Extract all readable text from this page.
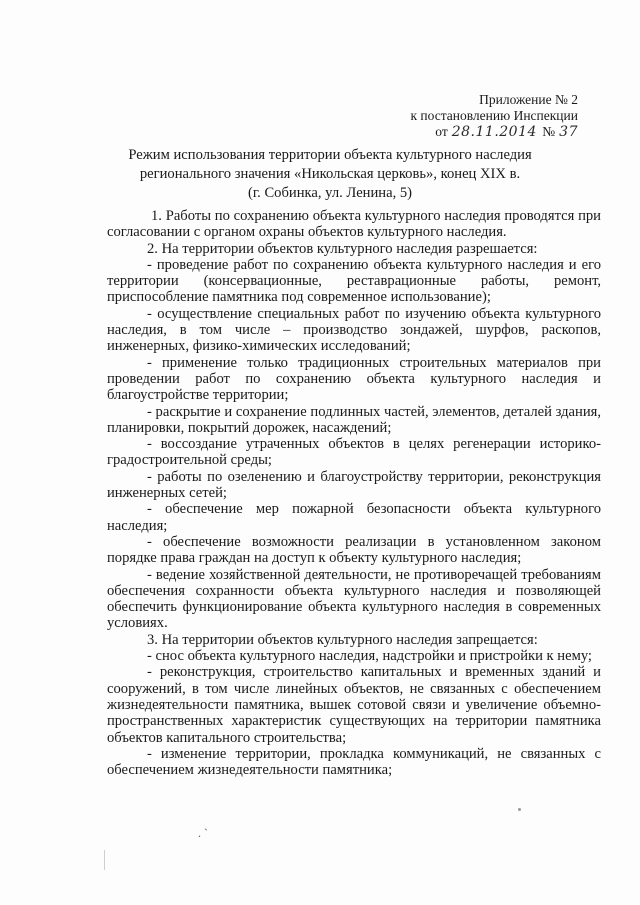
Приложение № 2
к постановлению Инспекции
от 28.11.2014 № 37
Режим использования территории объекта культурного наследия
регионального значения «Никольская церковь», конец XIX в.
(г. Собинка, ул. Ленина, 5)

1. Работы по сохранению объекта культурного наследия проводятся при согласовании с органом охраны объектов культурного наследия.

2. На территории объектов культурного наследия разрешается:

- проведение работ по сохранению объекта культурного наследия и его территории (консервационные, реставрационные работы, ремонт, приспособление памятника под современное использование);

- осуществление специальных работ по изучению объекта культурного наследия, в том числе – производство зондажей, шурфов, раскопов, инженерных, физико-химических исследований;

- применение только традиционных строительных материалов при проведении работ по сохранению объекта культурного наследия и благоустройстве территории;

- раскрытие и сохранение подлинных частей, элементов, деталей здания, планировки, покрытий дорожек, насаждений;

- воссоздание утраченных объектов в целях регенерации историко-градостроительной среды;

- работы по озеленению и благоустройству территории, реконструкция инженерных сетей;

- обеспечение мер пожарной безопасности объекта культурного наследия;

- обеспечение возможности реализации в установленном законом порядке права граждан на доступ к объекту культурного наследия;

- ведение хозяйственной деятельности, не противоречащей требованиям обеспечения сохранности объекта культурного наследия и позволяющей обеспечить функционирование объекта культурного наследия в современных условиях.

3. На территории объектов культурного наследия запрещается:

- снос объекта культурного наследия, надстройки и пристройки к нему;

- реконструкция, строительство капитальных и временных зданий и сооружений, в том числе линейных объектов, не связанных с обеспечением жизнедеятельности памятника, вышек сотовой связи и увеличение объемно-пространственных характеристик существующих на территории памятника объектов капитального строительства;

- изменение территории, прокладка коммуникаций, не связанных с обеспечением жизнедеятельности памятника;

. `
